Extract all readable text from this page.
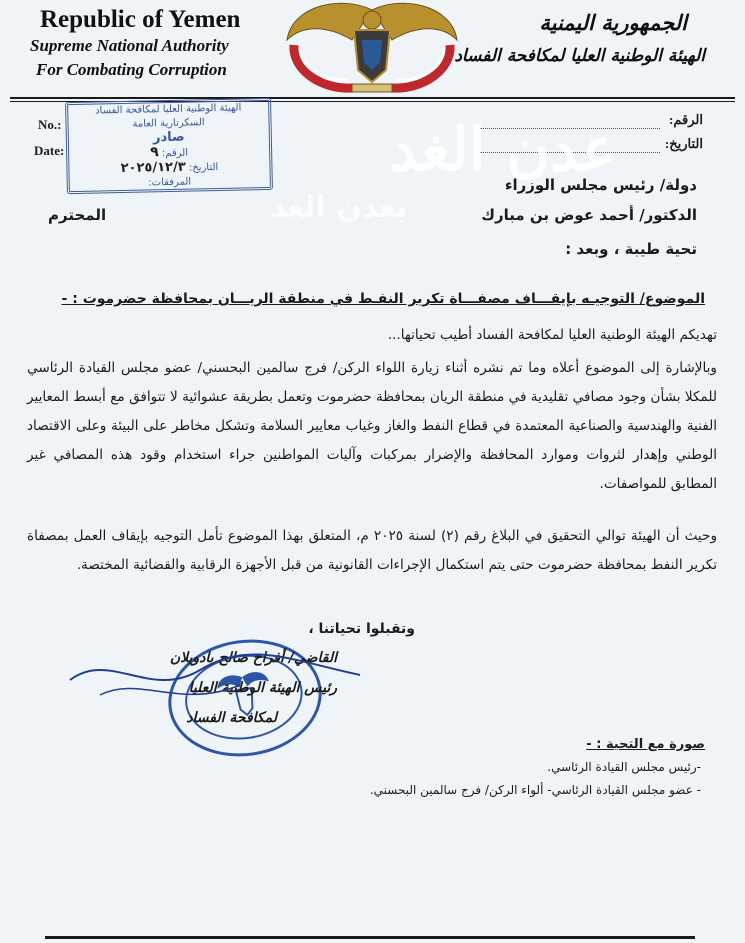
Republic of Yemen
Supreme National Authority
For Combating Corruption
الجمهورية اليمنية
الهيئة الوطنية العليا لمكافحة الفساد
No.:
Date:
الرقم:
التاريخ:
الهيئة الوطنية العليا لمكافحة الفساد
السكرتارية العامة
صادر
الرقم: ٩
التاريخ: ٢٠٢٥/١٢/٣
المرفقات:	عدن الغد
بعدن الغد
دولة/ رئيس مجلس الوزراء
الدكتور/ أحمد عوض بن مبارك
المحترم
تحية طيبة ، وبعد :
الموضوع/ التوجيـه بإيقـــاف مصفـــاة تكرير النفـط في منطقة الريـــان بمحافظة حضرموت : -
تهديكم الهيئة الوطنية العليا لمكافحة الفساد أطيب تحياتها...
وبالإشارة إلى الموضوع أعلاه وما تم نشره أثناء زيارة اللواء الركن/ فرج سالمين البحسني/ عضو مجلس القيادة الرئاسي للمكلا بشأن وجود مصافي تقليدية في منطقة الريان بمحافظة حضرموت وتعمل بطريقة عشوائية لا تتوافق مع أبسط المعايير الفنية والهندسية والصناعية المعتمدة في قطاع النفط والغاز وغياب معايير السلامة وتشكل مخاطر على البيئة وعلى الاقتصاد الوطني وإهدار لثروات وموارد المحافظة والإضرار بمركبات وآليات المواطنين جراء استخدام وقود هذه المصافي غير المطابق للمواصفات.
وحيث أن الهيئة توالي التحقيق في البلاغ رقم (٢) لسنة ٢٠٢٥ م، المتعلق بهذا الموضوع تأمل التوجيه بإيقاف العمل بمصفاة تكرير النفط بمحافظة حضرموت حتى يتم استكمال الإجراءات القانونية من قبل الأجهزة الرقابية والقضائية المختصة.
وتقبلوا تحياتنا ،
القاضي/ أفراح صالح بادويلان
رئيس الهيئة الوطنية العليا
لمكافحة الفساد
صورة مع التحية : -
-رئيس مجلس القيادة الرئاسي.
- عضو مجلس القيادة الرئاسي- ألواء الركن/ فرج سالمين البحسني.
